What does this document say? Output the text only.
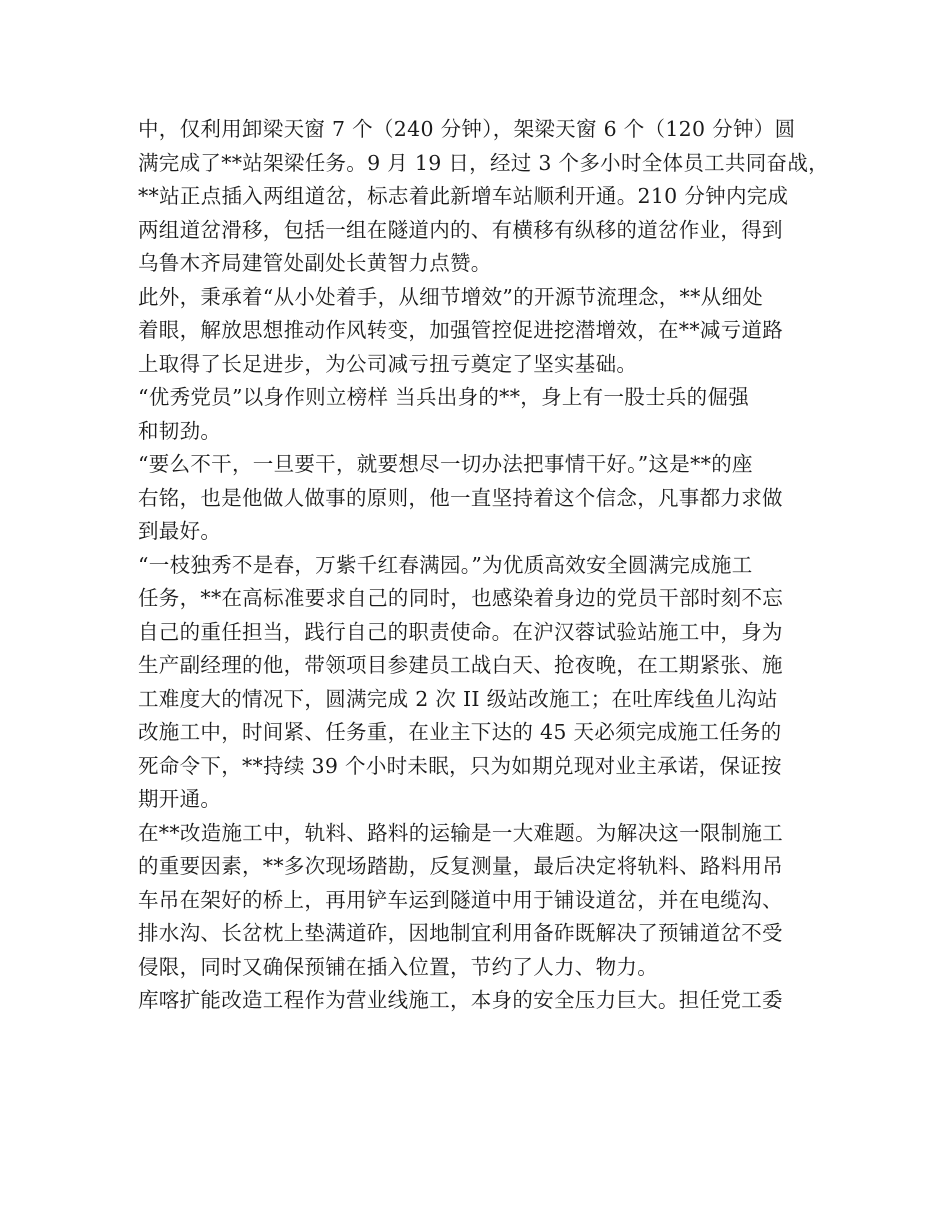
中，仅利用卸梁天窗 7 个（240 分钟），架梁天窗 6 个（120 分钟）圆
满完成了**站架梁任务。9 月 19 日，经过 3 个多小时全体员工共同奋战，
**站正点插入两组道岔，标志着此新增车站顺利开通。210 分钟内完成
两组道岔滑移，包括一组在隧道内的、有横移有纵移的道岔作业，得到
乌鲁木齐局建管处副处长黄智力点赞。
此外，秉承着“从小处着手，从细节增效”的开源节流理念，**从细处
着眼，解放思想推动作风转变，加强管控促进挖潜增效，在**减亏道路
上取得了长足进步，为公司减亏扭亏奠定了坚实基础。
“优秀党员”以身作则立榜样 当兵出身的**，身上有一股士兵的倔强
和韧劲。
“要么不干，一旦要干，就要想尽一切办法把事情干好。”这是**的座
右铭，也是他做人做事的原则，他一直坚持着这个信念，凡事都力求做
到最好。
“一枝独秀不是春，万紫千红春满园。”为优质高效安全圆满完成施工
任务，**在高标准要求自己的同时，也感染着身边的党员干部时刻不忘
自己的重任担当，践行自己的职责使命。在沪汉蓉试验站施工中，身为
生产副经理的他，带领项目参建员工战白天、抢夜晚，在工期紧张、施
工难度大的情况下，圆满完成 2 次 II 级站改施工；在吐库线鱼儿沟站
改施工中，时间紧、任务重，在业主下达的 45 天必须完成施工任务的
死命令下，**持续 39 个小时未眠，只为如期兑现对业主承诺，保证按
期开通。
在**改造施工中，轨料、路料的运输是一大难题。为解决这一限制施工
的重要因素，**多次现场踏勘，反复测量，最后决定将轨料、路料用吊
车吊在架好的桥上，再用铲车运到隧道中用于铺设道岔，并在电缆沟、
排水沟、长岔枕上垫满道砟，因地制宜利用备砟既解决了预铺道岔不受
侵限，同时又确保预铺在插入位置，节约了人力、物力。
库喀扩能改造工程作为营业线施工，本身的安全压力巨大。担任党工委
